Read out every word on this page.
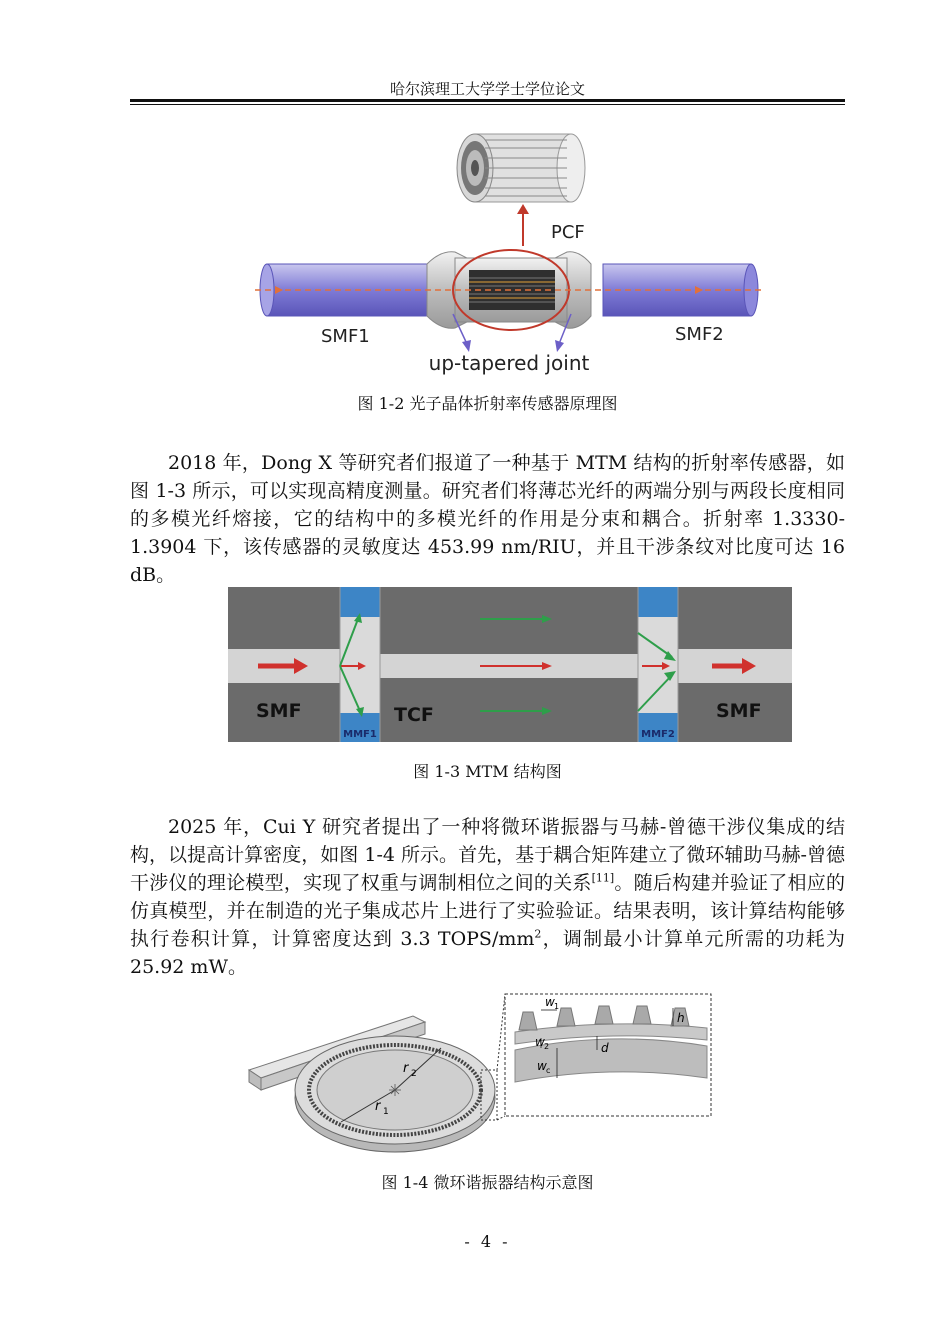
哈尔滨理工大学学士学位论文
PCF
SMF1	SMF2
up-tapered joint
图 1-2 光子晶体折射率传感器原理图

2018 年，Dong X 等研究者们报道了一种基于 MTM 结构的折射率传感器，如图 1-3 所示，可以实现高精度测量。研究者们将薄芯光纤的两端分别与两段长度相同的多模光纤熔接，它的结构中的多模光纤的作用是分束和耦合。折射率 1.3330-1.3904 下，该传感器的灵敏度达 453.99 nm/RIU，并且干涉条纹对比度可达 16 dB。

SMF	TCF	SMF
MMF1	MMF2
图 1-3 MTM 结构图

2025 年，Cui Y 研究者提出了一种将微环谐振器与马赫-曾德干涉仪集成的结构，以提高计算密度，如图 1-4 所示。首先，基于耦合矩阵建立了微环辅助马赫-曾德干涉仪的理论模型，实现了权重与调制相位之间的关系[11]。随后构建并验证了相应的仿真模型，并在制造的光子集成芯片上进行了实验验证。结果表明，该计算结构能够执行卷积计算，计算密度达到 3.3 TOPS/$mm^2$，调制最小计算单元所需的功耗为 25.92 mW。

r 2
r 1
w 1
h
w 2	d
w c
图 1-4 微环谐振器结构示意图
- 4 -
